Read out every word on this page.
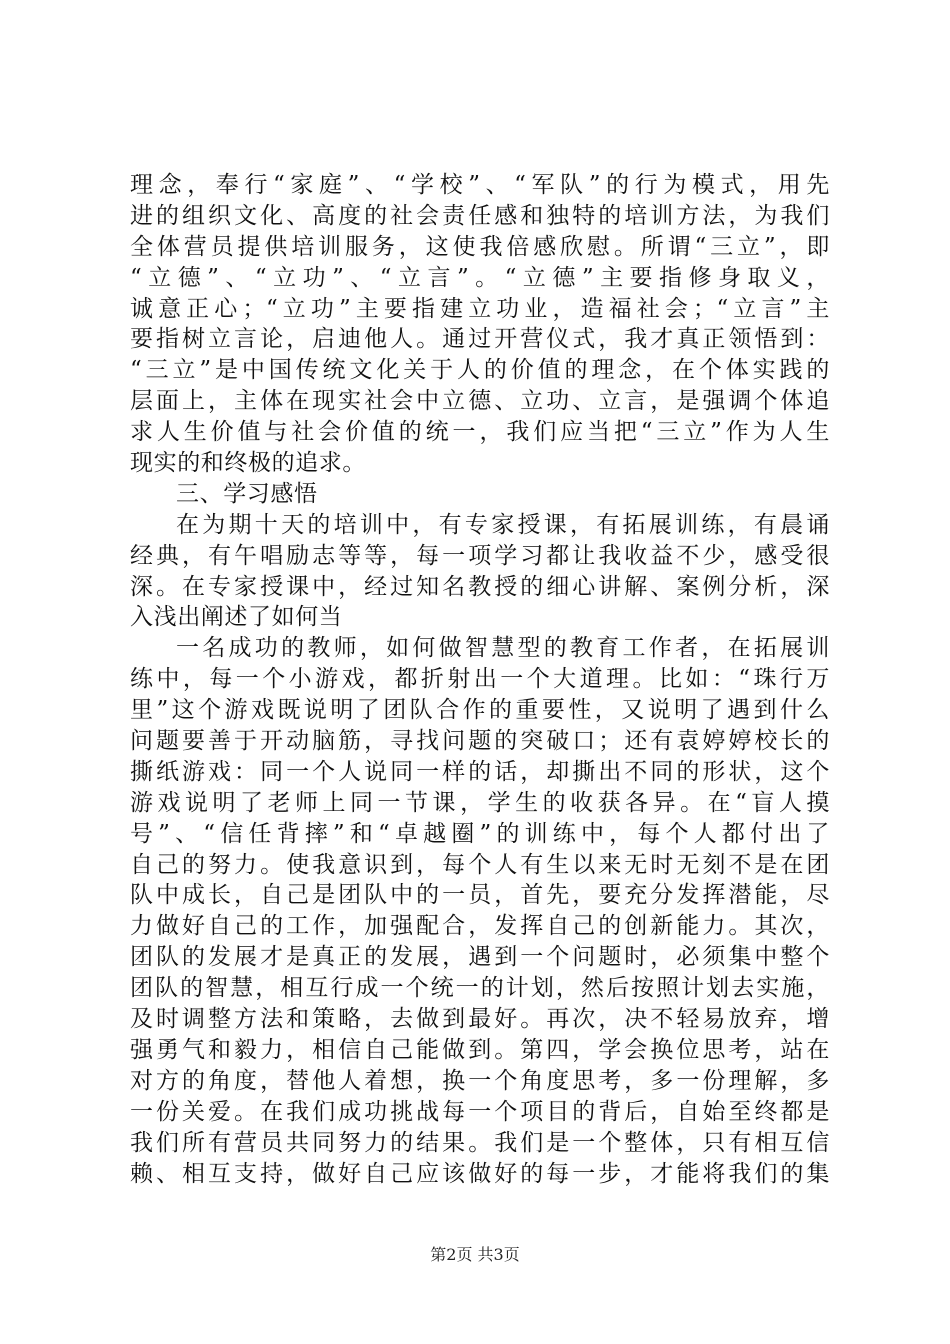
理念，奉行“家庭”、“学校”、“军队”的行为模式，用先
进的组织文化、高度的社会责任感和独特的培训方法，为我们
全体营员提供培训服务，这使我倍感欣慰。所谓“三立”，即
“立德”、“立功”、“立言”。“立德”主要指修身取义，
诚意正心；“立功”主要指建立功业，造福社会；“立言”主
要指树立言论，启迪他人。通过开营仪式，我才真正领悟到：
“三立”是中国传统文化关于人的价值的理念，在个体实践的
层面上，主体在现实社会中立德、立功、立言，是强调个体追
求人生价值与社会价值的统一，我们应当把“三立”作为人生
现实的和终极的追求。
三、学习感悟
在为期十天的培训中，有专家授课，有拓展训练，有晨诵
经典，有午唱励志等等，每一项学习都让我收益不少，感受很
深。在专家授课中，经过知名教授的细心讲解、案例分析，深
入浅出阐述了如何当
一名成功的教师，如何做智慧型的教育工作者，在拓展训
练中，每一个小游戏，都折射出一个大道理。比如：“珠行万
里”这个游戏既说明了团队合作的重要性，又说明了遇到什么
问题要善于开动脑筋，寻找问题的突破口；还有袁婷婷校长的
撕纸游戏：同一个人说同一样的话，却撕出不同的形状，这个
游戏说明了老师上同一节课，学生的收获各异。在“盲人摸
号”、“信任背摔”和“卓越圈”的训练中，每个人都付出了
自己的努力。使我意识到，每个人有生以来无时无刻不是在团
队中成长，自己是团队中的一员，首先，要充分发挥潜能，尽
力做好自己的工作，加强配合，发挥自己的创新能力。其次，
团队的发展才是真正的发展，遇到一个问题时，必须集中整个
团队的智慧，相互行成一个统一的计划，然后按照计划去实施，
及时调整方法和策略，去做到最好。再次，决不轻易放弃，增
强勇气和毅力，相信自己能做到。第四，学会换位思考，站在
对方的角度，替他人着想，换一个角度思考，多一份理解，多
一份关爱。在我们成功挑战每一个项目的背后，自始至终都是
我们所有营员共同努力的结果。我们是一个整体，只有相互信
赖、相互支持，做好自己应该做好的每一步，才能将我们的集
第2页 共3页
